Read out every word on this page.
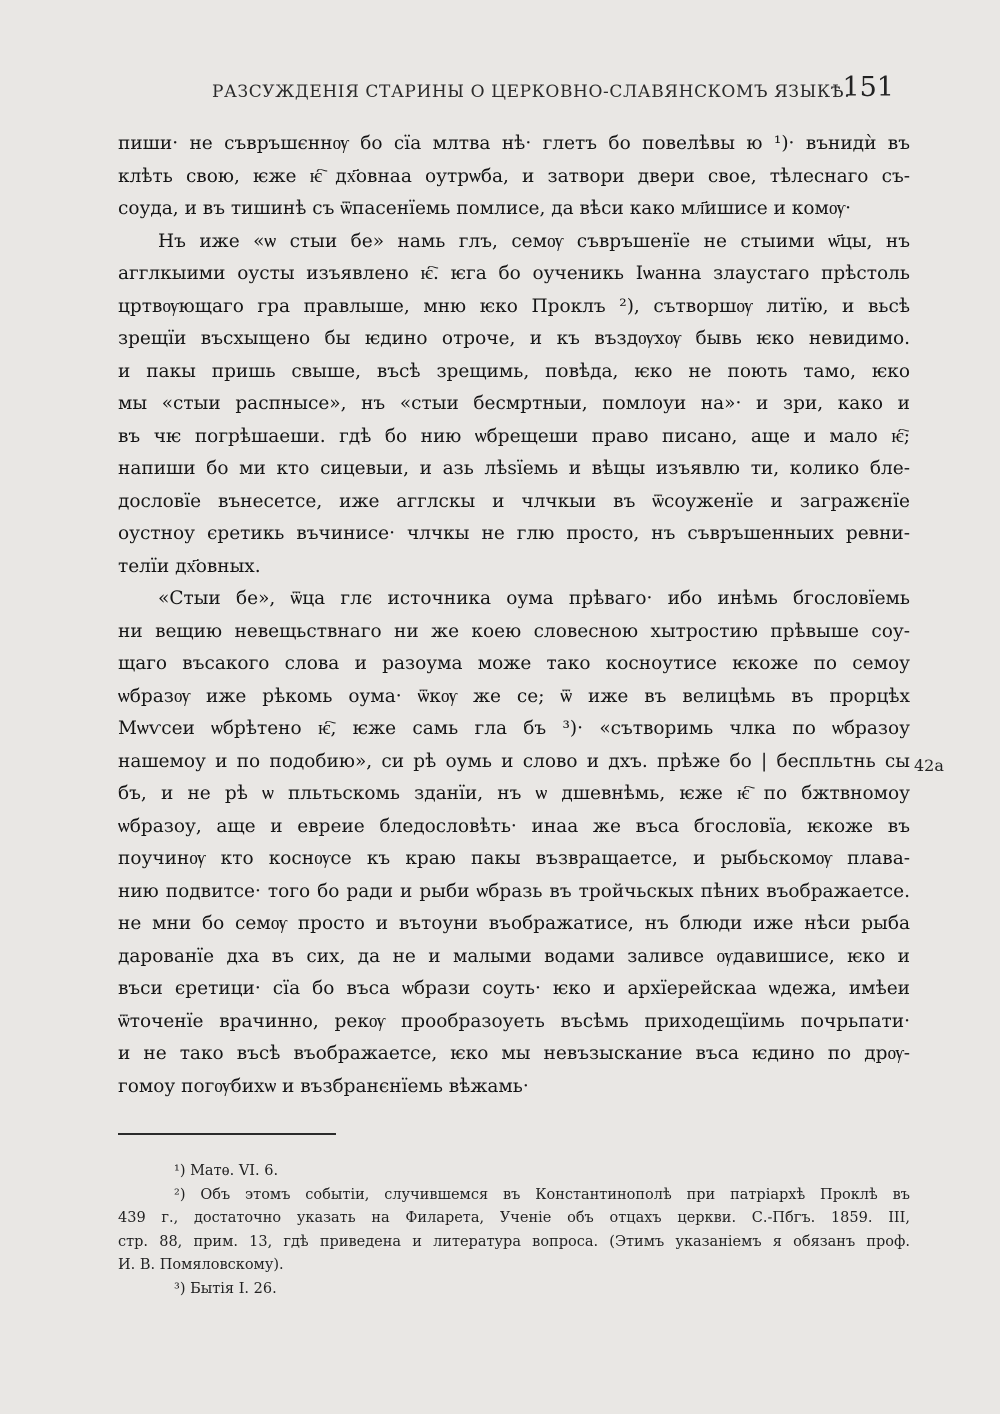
РАЗСУЖДЕНІЯ СТАРИНЫ О ЦЕРКОВНО-СЛАВЯНСКОМЪ ЯЗЫКѢ.
151
пиши· не съвръшєннѹ бо сїа млтва нѣ· глетъ бо повелѣвы ю ¹)· вънидѝ въ
клѣть свою, ѥже ѥ҇ дх҃овнаа оутрѡба, и затвори двери свое, тѣлеснаго съ-
соуда, и въ тишинѣ съ ѿпасенїемь помлисе, да вѣси како мл҃ишисе и комѹ·
Нъ иже «ѡ стыи бе» намь глъ, семѹ съвръшенїе не стыими ѡ҃цы, нъ
агглкыими оусты изъявлено ѥ҇. ѥга бо оученикь Іѡанна злаустаго прѣстоль
цртвѹющаго гра правлыше, мню ѥко Проклъ ²), сътворшѹ литїю, и вьсѣ
зрещїи въсхыщено бы ѥдино отроче, и къ въздѹхѹ бывь ѥко невидимо.
и пакы пришь свыше, въсѣ зрещимь, повѣда, ѥко не поють тамо, ѥко
мы «стыи распнысе», нъ «стыи бесмртныи, помлоуи на»· и зри, како и
въ чѥ погрѣшаеши. гдѣ бо нию ѡбрещеши право писано, аще и мало ѥ҇;
напиши бо ми кто сицевыи, и азь лѣѕїемь и вѣщы изъявлю ти, колико бле-
дословїе вънесетсе, иже агглскы и члчкыи въ ѿсоуженїе и загражєнїе
оустноу єретикь въчинисе· члчкы не глю просто, нъ съвръшенныих ревни-
телїи дх҃овных.
«Стыи бе», ѿца глє источника оума прѣваго· ибо инѣмь бгословїемь
ни вещию невещьствнаго ни же коею словесною хытростию прѣвыше соу-
щаго въсакого слова и разоума може тако косноутисе ѥкоже по семоу
ѡбразѹ иже рѣкомь оума· ѿкѹ же се; ѿ иже въ велицѣмь въ прорцѣх
Мѡѵсеи ѡбрѣтено ѥ҇, ѥже самь гла бъ ³)· «сътворимь члка по ѡбразоу
нашемоу и по подобию», си рѣ оумь и слово и дхъ. прѣже бо | беспльтнь сы
бъ, и не рѣ ѡ пльтьскомь зданїи, нъ ѡ дшевнѣмь, ѥже ѥ҇ по бжтвномоу
ѡбразоу, аще и евреие бледословѣть· инаа же въса бгословїа, ѥкоже въ
поучинѹ кто коснѹсе къ краю пакы възвращаетсе, и рыбьскомѹ плава-
нию подвитсе· того бо ради и рыби ѡбразь въ тройчьскых пѣних въображаетсе.
не мни бо семѹ просто и вътоуни въображатисе, нъ блюди иже нѣси рыба
дарованїе дха въ сих, да не и малыми водами заливсе ѹдавишисе, ѥко и
въси єретици· сїа бо въса ѡбрази соуть· ѥко и архїерейскаа ѡдежа, имѣеи
ѿточенїе врачинно, рекѹ прообразоуеть въсѣмь приходещїимь почрьпати·
и не тако въсѣ въображаетсе, ѥко мы невъзыскание въса ѥдино по дрѹ-
гомоу погѹбихѡ и възбранєнїемь вѣжамь·
42а
¹) Матѳ. VI. 6.
²) Объ этомъ событіи, случившемся въ Константинополѣ при патріархѣ Проклѣ въ
439 г., достаточно указать на Филарета, Ученіе объ отцахъ церкви. С.-Пбгъ. 1859. III,
стр. 88, прим. 13, гдѣ приведена и литература вопроса. (Этимъ указаніемъ я обязанъ проф.
И. В. Помяловскому).
³) Бытія I. 26.
